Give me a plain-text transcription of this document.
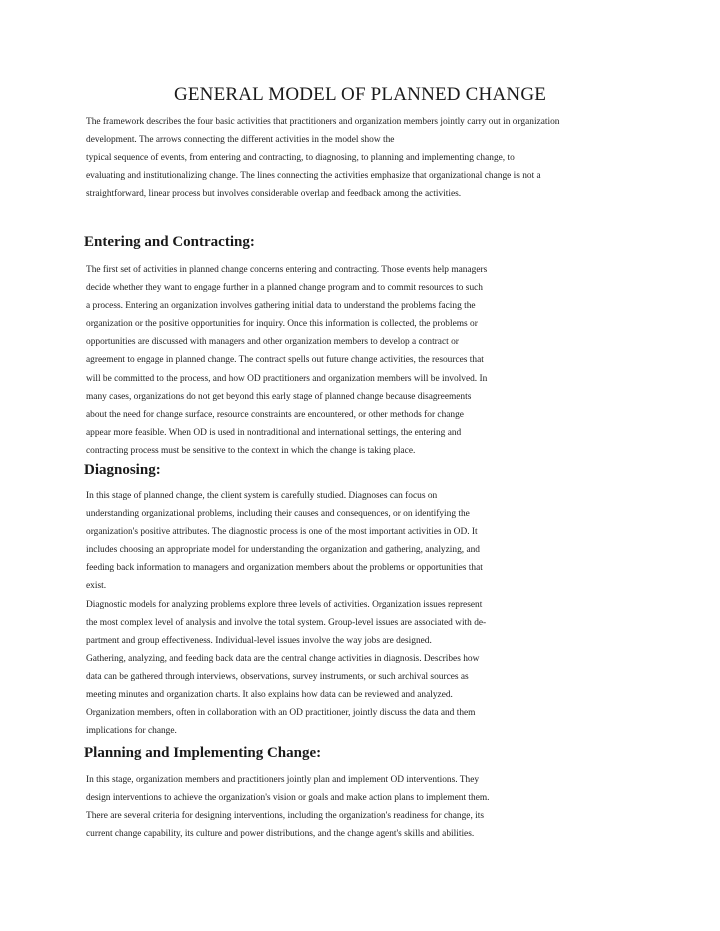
GENERAL MODEL OF PLANNED CHANGE
The framework describes the four basic activities that practitioners and organization members jointly carry out in organization
development. The arrows connecting the different activities in the model show the
typical sequence of events, from entering and contracting, to diagnosing, to planning and implementing change, to
evaluating and institutionalizing change. The lines connecting the activities emphasize that organizational change is not a
straightforward, linear process but involves considerable overlap and feedback among the activities.
Entering and Contracting:
The first set of activities in planned change concerns entering and contracting. Those events help managers
decide whether they want to engage further in a planned change program and to commit resources to such
a process. Entering an organization involves gathering initial data to understand the problems facing the
organization or the positive opportunities for inquiry. Once this information is collected, the problems or
opportunities are discussed with managers and other organization members to develop a contract or
agreement to engage in planned change. The contract spells out future change activities, the resources that
will be committed to the process, and how OD practitioners and organization members will be involved. In
many cases, organizations do not get beyond this early stage of planned change because disagreements
about the need for change surface, resource constraints are encountered, or other methods for change
appear more feasible. When OD is used in nontraditional and international settings, the entering and
contracting process must be sensitive to the context in which the change is taking place.
Diagnosing:
In this stage of planned change, the client system is carefully studied. Diagnoses can focus on
understanding organizational problems, including their causes and consequences, or on identifying the
organization's positive attributes. The diagnostic process is one of the most important activities in OD. It
includes choosing an appropriate model for understanding the organization and gathering, analyzing, and
feeding back information to managers and organization members about the problems or opportunities that
exist.
Diagnostic models for analyzing problems explore three levels of activities. Organization issues represent
the most complex level of analysis and involve the total system. Group-level issues are associated with de-
partment and group effectiveness. Individual-level issues involve the way jobs are designed.
Gathering, analyzing, and feeding back data are the central change activities in diagnosis. Describes how
data can be gathered through interviews, observations, survey instruments, or such archival sources as
meeting minutes and organization charts. It also explains how data can be reviewed and analyzed.
Organization members, often in collaboration with an OD practitioner, jointly discuss the data and them
implications for change.
Planning and Implementing Change:
In this stage, organization members and practitioners jointly plan and implement OD interventions. They
design interventions to achieve the organization's vision or goals and make action plans to implement them.
There are several criteria for designing interventions, including the organization's readiness for change, its
current change capability, its culture and power distributions, and the change agent's skills and abilities.
